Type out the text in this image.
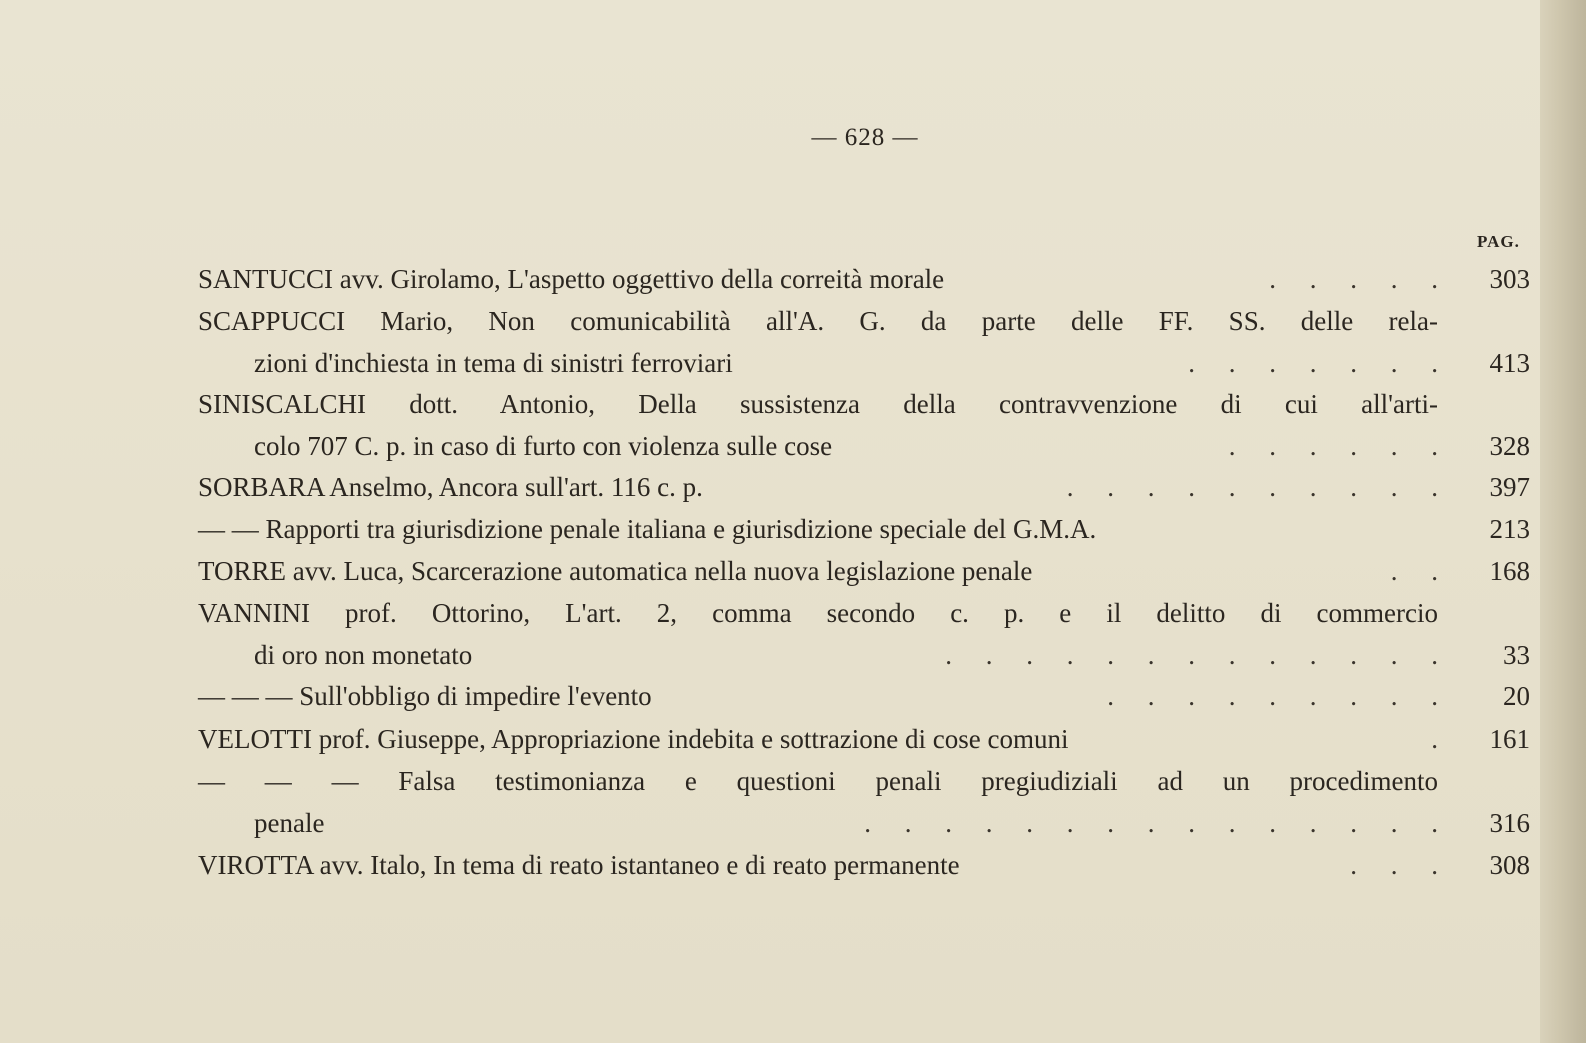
— 628 —
PAG.
SANTUCCI avv. Girolamo, L'aspetto oggettivo della correità morale	.     .     .     .     .	303
SCAPPUCCI Mario, Non comunicabilità all'A. G. da parte delle FF. SS. delle rela-
zioni d'inchiesta in tema di sinistri ferroviari	.     .     .     .     .     .     .	413
SINISCALCHI dott. Antonio, Della sussistenza della contravvenzione di cui all'arti-
colo 707 C. p. in caso di furto con violenza sulle cose	.     .     .     .     .     .	328
SORBARA Anselmo, Ancora sull'art. 116 c. p.	.     .     .     .     .     .     .     .     .     .	397
— — Rapporti tra giurisdizione penale italiana e giurisdizione speciale del G.M.A.	213
TORRE avv. Luca, Scarcerazione automatica nella nuova legislazione penale	.     .	168
VANNINI prof. Ottorino, L'art. 2, comma secondo c. p. e il delitto di commercio
di oro non monetato	.     .     .     .     .     .     .     .     .     .     .     .     .	33
— — — Sull'obbligo di impedire l'evento	.     .     .     .     .     .     .     .     .	20
VELOTTI prof. Giuseppe, Appropriazione indebita e sottrazione di cose comuni	.	161
— — — Falsa testimonianza e questioni penali pregiudiziali ad un procedimento
penale	.     .     .     .     .     .     .     .     .     .     .     .     .     .     .	316
VIROTTA avv. Italo, In tema di reato istantaneo e di reato permanente	.     .     .	308
